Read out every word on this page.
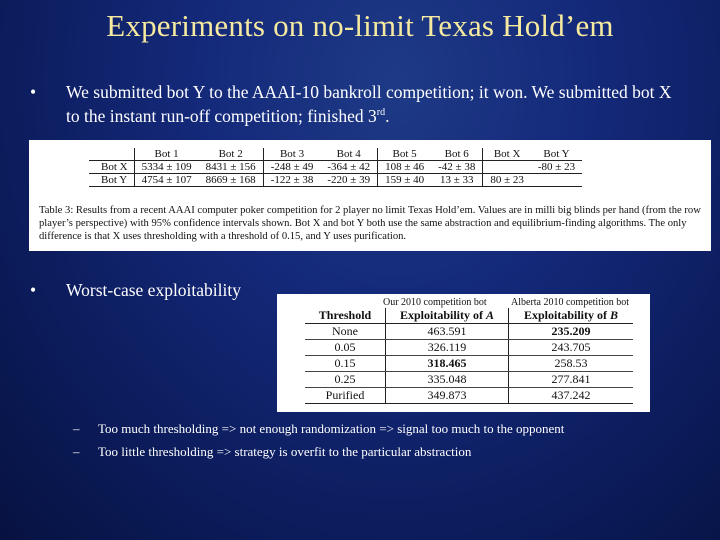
Experiments on no-limit Texas Hold’em
• We submitted bot Y to the AAAI-10 bankroll competition; it won. We submitted bot X to the instant run-off competition; finished 3rd.
	Bot 1	Bot 2	Bot 3	Bot 4	Bot 5	Bot 6	Bot X	Bot Y
Bot X	5334 ± 109	8431 ± 156	-248 ± 49	-364 ± 42	108 ± 46	-42 ± 38		-80 ± 23
Bot Y	4754 ± 107	8669 ± 168	-122 ± 38	-220 ± 39	159 ± 40	13 ± 33	80 ± 23	
Table 3: Results from a recent AAAI computer poker competition for 2 player no limit Texas Hold’em. Values are in milli big blinds per hand (from the row player’s perspective) with 95% confidence intervals shown. Bot X and bot Y both use the same abstraction and equilibrium-finding algorithms. The only difference is that X uses thresholding with a threshold of 0.15, and Y uses purification.
• Worst-case exploitability
Threshold	Exploitability of A	Exploitability of B
None	463.591	235.209
0.05	326.119	243.705
0.15	318.465	258.53
0.25	335.048	277.841
Purified	349.873	437.242
Our 2010 competition bot Alberta 2010 competition bot
– Too much thresholding => not enough randomization => signal too much to the opponent
– Too little thresholding => strategy is overfit to the particular abstraction
